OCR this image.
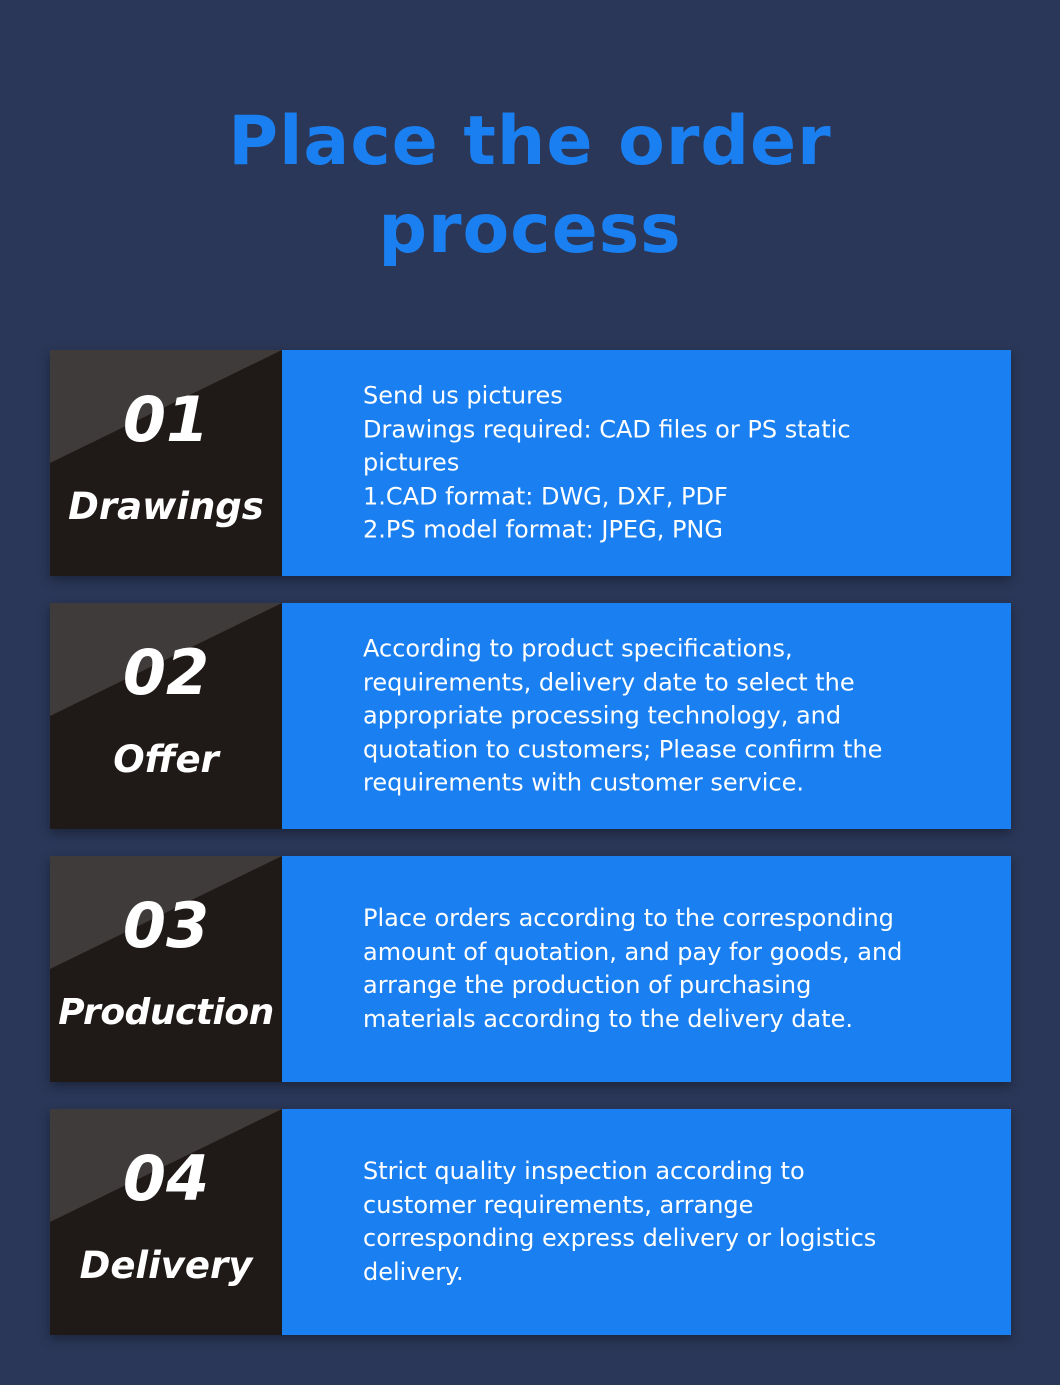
Place the order
process
01
Drawings

Send us pictures
Drawings required: CAD files or PS static
pictures
1.CAD format: DWG, DXF, PDF
2.PS model format: JPEG, PNG

02
Offer

According to product specifications,
requirements, delivery date to select the
appropriate processing technology, and
quotation to customers; Please confirm the
requirements with customer service.

03
Production

Place orders according to the corresponding
amount of quotation, and pay for goods, and
arrange the production of purchasing
materials according to the delivery date.

04
Delivery

Strict quality inspection according to
customer requirements, arrange
corresponding express delivery or logistics
delivery.
